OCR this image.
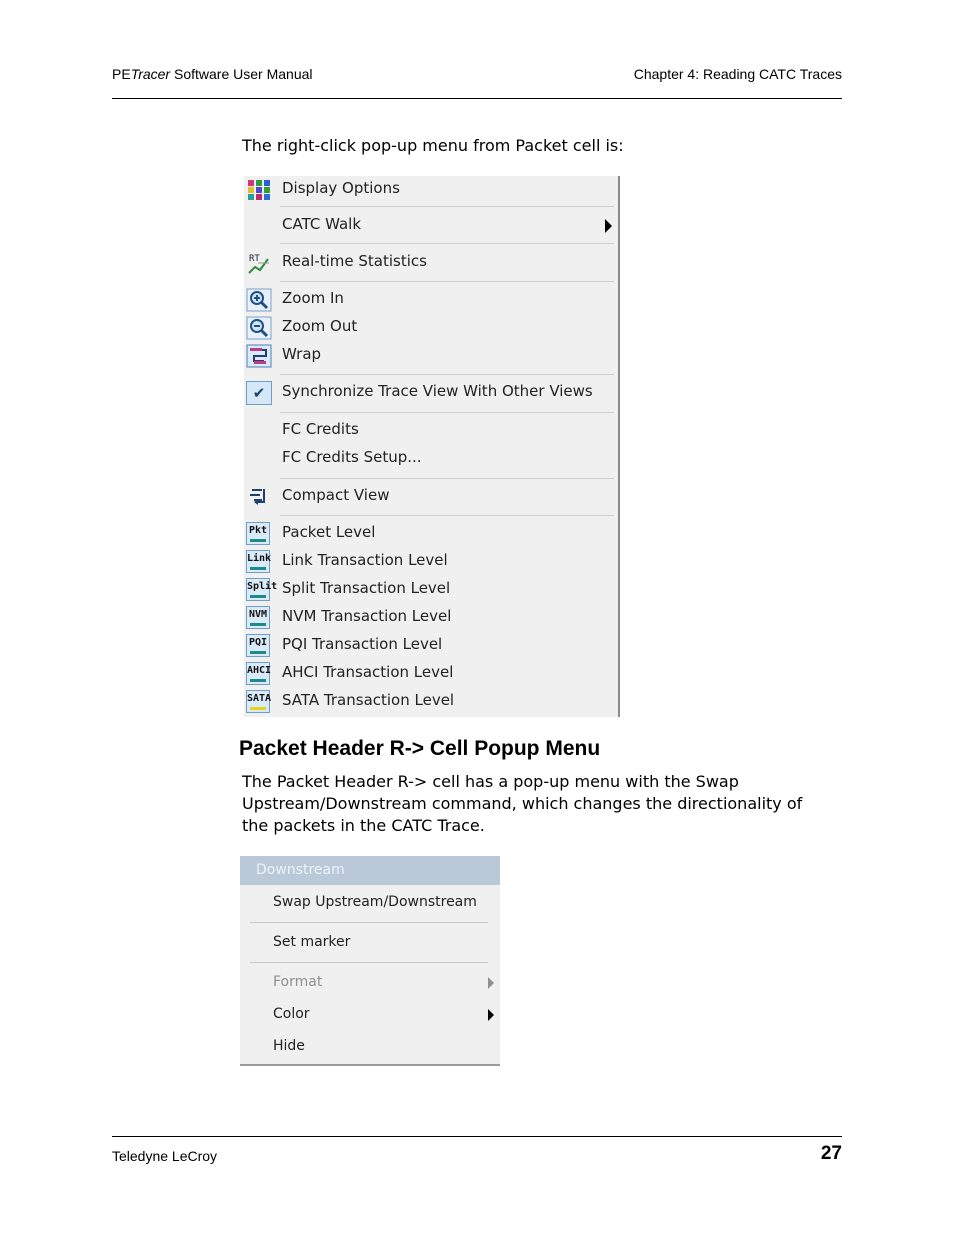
PETracer Software User Manual	Chapter 4: Reading CATC Traces
The right-click pop-up menu from Packet cell is:
Display Options
CATC Walk
RT Real-time Statistics
Zoom In
Zoom Out
Wrap
✔	Synchronize Trace View With Other Views
FC Credits
FC Credits Setup...
Compact View
Pkt Packet Level
Link Link Transaction Level
Split Split Transaction Level
NVM NVM Transaction Level
PQI PQI Transaction Level
AHCI AHCI Transaction Level
SATA SATA Transaction Level
Packet Header R-> Cell Popup Menu
The Packet Header R-> cell has a pop-up menu with the Swap Upstream/Downstream command, which changes the directionality of the packets in the CATC Trace.
Downstream
Swap Upstream/Downstream
Set marker
Format
Color
Hide
Teledyne LeCroy	27
